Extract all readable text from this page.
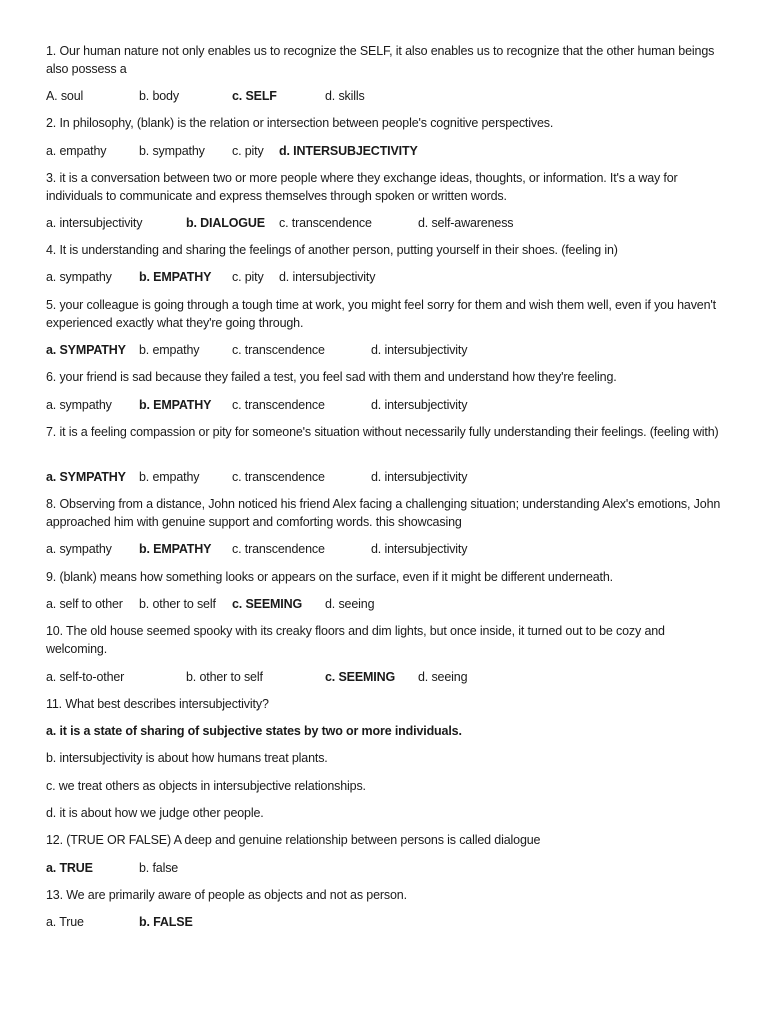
1. Our human nature not only enables us to recognize the SELF, it also enables us to recognize that the other human beings also possess a

A. soul	b. body	c. SELF	d. skills

2. In philosophy, (blank) is the relation or intersection between people's cognitive perspectives.

a. empathy	b. sympathy c. pity d. INTERSUBJECTIVITY

3. it is a conversation between two or more people where they exchange ideas, thoughts, or information. It's a way for individuals to communicate and express themselves through spoken or written words.

a. intersubjectivity	b. DIALOGUE c. transcendence	d. self-awareness

4. It is understanding and sharing the feelings of another person, putting yourself in their shoes. (feeling in)

a. sympathy b. EMPATHY c. pity d. intersubjectivity

5. your colleague is going through a tough time at work, you might feel sorry for them and wish them well, even if you haven't experienced exactly what they're going through.

a. SYMPATHY b. empathy	c. transcendence	d. intersubjectivity

6. your friend is sad because they failed a test, you feel sad with them and understand how they're feeling.

a. sympathy b. EMPATHY c. transcendence	d. intersubjectivity

7. it is a feeling compassion or pity for someone's situation without necessarily fully understanding their feelings. (feeling with)

a. SYMPATHY b. empathy	c. transcendence	d. intersubjectivity

8. Observing from a distance, John noticed his friend Alex facing a challenging situation; understanding Alex's emotions, John approached him with genuine support and comforting words. this showcasing

a. sympathy b. EMPATHY c. transcendence	d. intersubjectivity

9. (blank) means how something looks or appears on the surface, even if it might be different underneath.

a. self to other b. other to self c. SEEMING d. seeing

10. The old house seemed spooky with its creaky floors and dim lights, but once inside, it turned out to be cozy and welcoming.

a. self-to-other	b. other to self	c. SEEMING d. seeing

11. What best describes intersubjectivity?

a. it is a state of sharing of subjective states by two or more individuals.
b. intersubjectivity is about how humans treat plants.
c. we treat others as objects in intersubjective relationships.
d. it is about how we judge other people.

12. (TRUE OR FALSE) A deep and genuine relationship between persons is called dialogue

a. TRUE	b. false

13. We are primarily aware of people as objects and not as person.

a. True	b. FALSE
